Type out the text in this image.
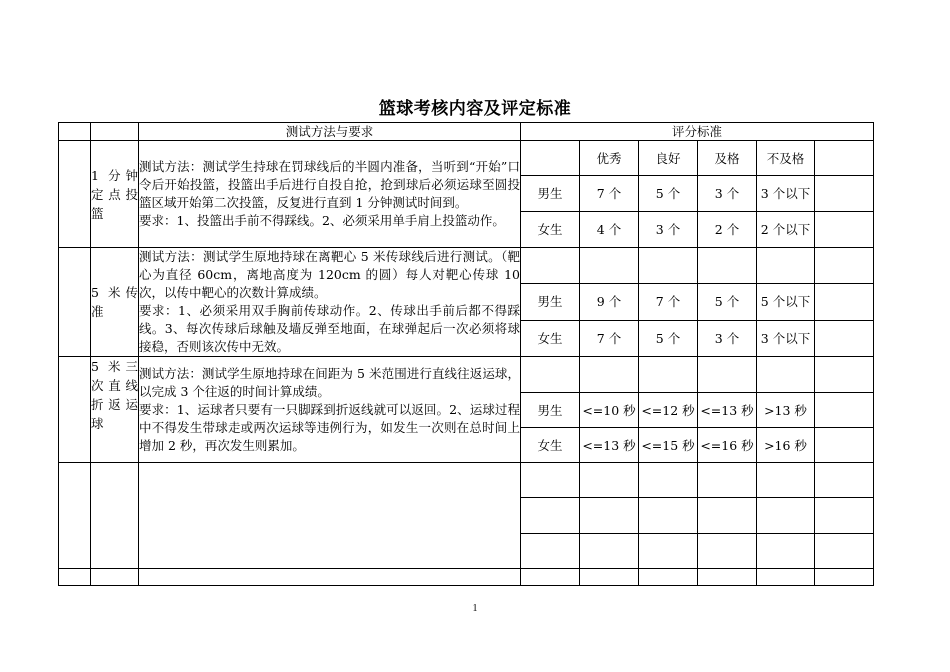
篮球考核内容及评定标准
		测试方法与要求	评分标准					
	1 分钟定点投篮	测试方法：测试学生持球在罚球线后的半圆内准备，当听到“开始”口令后开始投篮，投篮出手后进行自投自抢，抢到球后必须运球至圆投篮区域开始第二次投篮，反复进行直到 1 分钟测试时间到。
要求：1、投篮出手前不得踩线。2、必须采用单手肩上投篮动作。		优秀	良好	及格	不及格	
			男生	7 个	5 个	3 个	3 个以下	
			女生	4 个	3 个	2 个	2 个以下	
	5 米传准	测试方法：测试学生原地持球在离靶心 5 米传球线后进行测试。（靶心为直径 60cm，离地高度为 120cm 的圆）每人对靶心传球 10 次，以传中靶心的次数计算成绩。
要求：1、必须采用双手胸前传球动作。2、传球出手前后都不得踩线。3、每次传球后球触及墙反弹至地面，在球弹起后一次必须将球接稳，否则该次传中无效。						

			男生	9 个	7 个	5 个	5 个以下	
			女生	7 个	5 个	3 个	3 个以下	
	5 米三次直线折返运球	测试方法：测试学生原地持球在间距为 5 米范围进行直线往返运球，以完成 3 个往返的时间计算成绩。
要求：1、运球者只要有一只脚踩到折返线就可以返回。2、运球过程中不得发生带球走或两次运球等违例行为，如发生一次则在总时间上增加 2 秒，再次发生则累加。						

			男生	<=10 秒	<=12 秒	<=13 秒	>13 秒	
			女生	<=13 秒	<=15 秒	<=16 秒	>16 秒	

1
